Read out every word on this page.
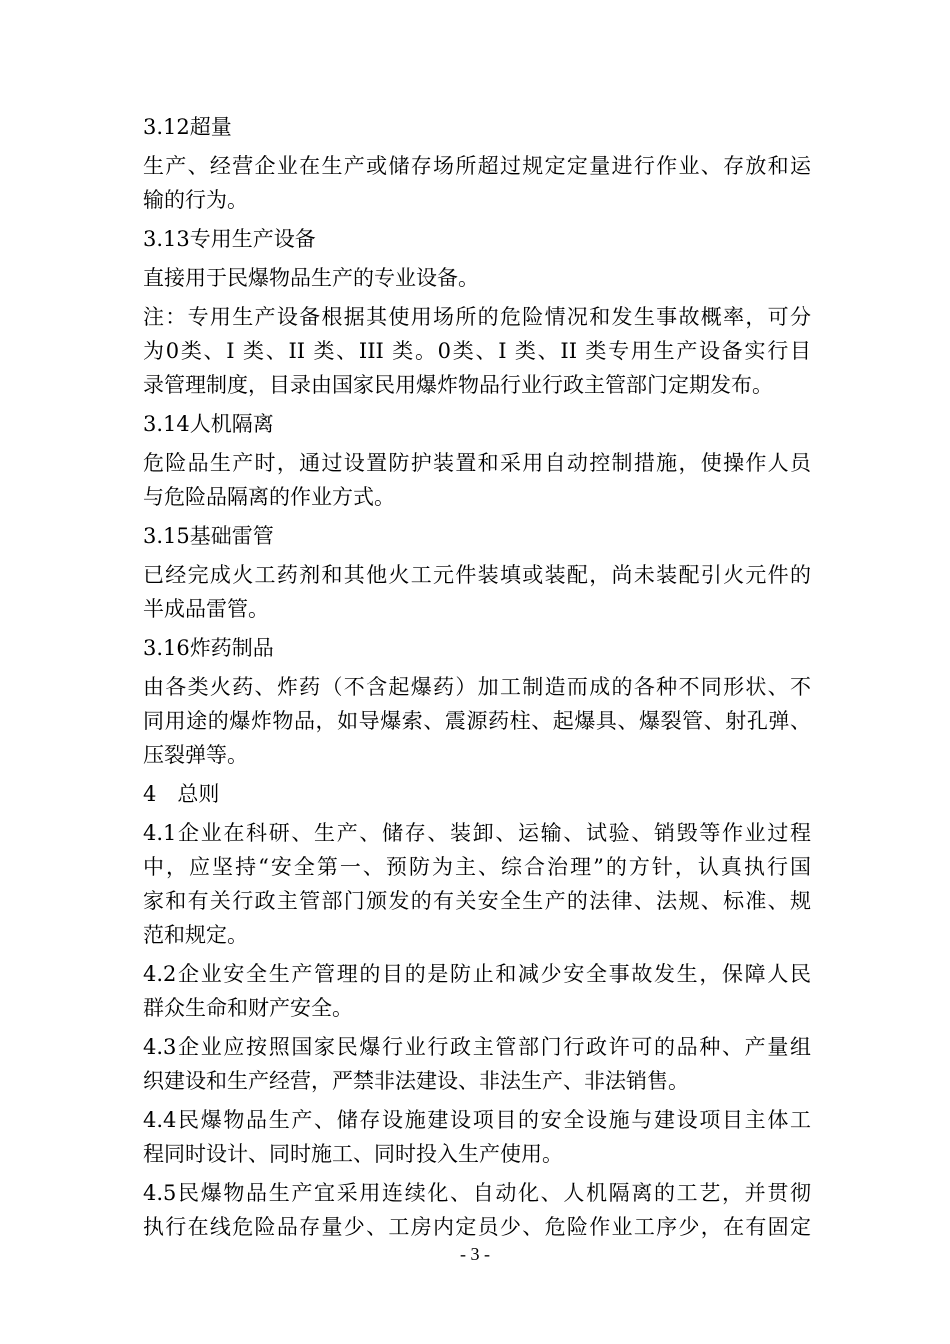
3.12超量
生产、经营企业在生产或储存场所超过规定定量进行作业、存放和运
输的行为。
3.13专用生产设备
直接用于民爆物品生产的专业设备。
注：专用生产设备根据其使用场所的危险情况和发生事故概率，可分
为0类、I 类、II 类、III 类。0类、I 类、II 类专用生产设备实行目
录管理制度，目录由国家民用爆炸物品行业行政主管部门定期发布。
3.14人机隔离
危险品生产时，通过设置防护装置和采用自动控制措施，使操作人员
与危险品隔离的作业方式。
3.15基础雷管
已经完成火工药剂和其他火工元件装填或装配，尚未装配引火元件的
半成品雷管。
3.16炸药制品
由各类火药、炸药（不含起爆药）加工制造而成的各种不同形状、不
同用途的爆炸物品，如导爆索、震源药柱、起爆具、爆裂管、射孔弹、
压裂弹等。
4　总则
4.1企业在科研、生产、储存、装卸、运输、试验、销毁等作业过程
中，应坚持“安全第一、预防为主、综合治理”的方针，认真执行国
家和有关行政主管部门颁发的有关安全生产的法律、法规、标准、规
范和规定。
4.2企业安全生产管理的目的是防止和减少安全事故发生，保障人民
群众生命和财产安全。
4.3企业应按照国家民爆行业行政主管部门行政许可的品种、产量组
织建设和生产经营，严禁非法建设、非法生产、非法销售。
4.4民爆物品生产、储存设施建设项目的安全设施与建设项目主体工
程同时设计、同时施工、同时投入生产使用。
4.5民爆物品生产宜采用连续化、自动化、人机隔离的工艺，并贯彻
执行在线危险品存量少、工房内定员少、危险作业工序少，在有固定
- 3 -
